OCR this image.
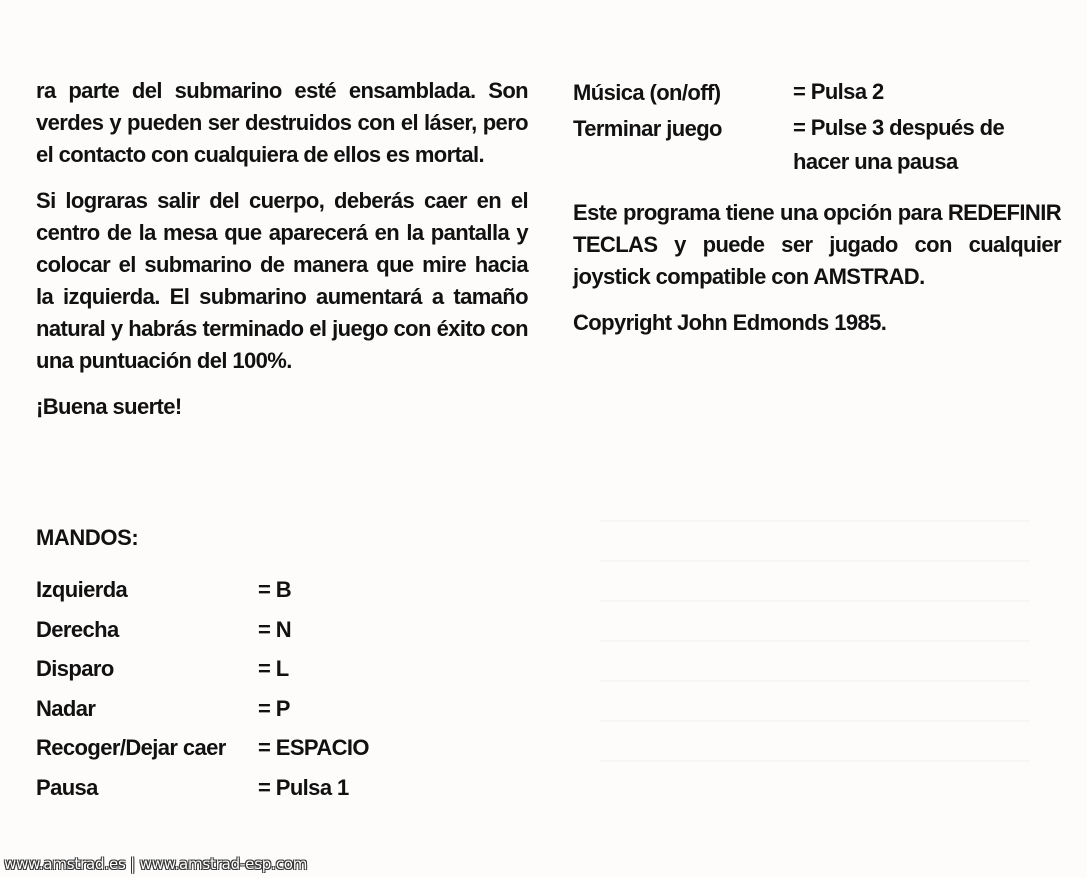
ra parte del submarino esté ensamblada. Son verdes y pueden ser destruidos con el láser, pero el contacto con cualquiera de ellos es mortal.

Si lograras salir del cuerpo, deberás caer en el centro de la mesa que aparecerá en la pantalla y colocar el submarino de manera que mire hacia la izquierda. El submarino aumentará a tamaño natural y habrás terminado el juego con éxito con una puntuación del 100%.

¡Buena suerte!

MANDOS:

Izquierda	= B
Derecha	= N
Disparo	= L
Nadar	= P
Recoger/Dejar caer	= ESPACIO
Pausa	= Pulsa 1
Música (on/off)	= Pulsa 2
Terminar juego	= Pulse 3 después de hacer una pausa

Este programa tiene una opción para REDEFINIR TECLAS y puede ser jugado con cualquier joystick compatible con AMSTRAD.

Copyright John Edmonds 1985.

www.amstrad.es | www.amstrad-esp.com
